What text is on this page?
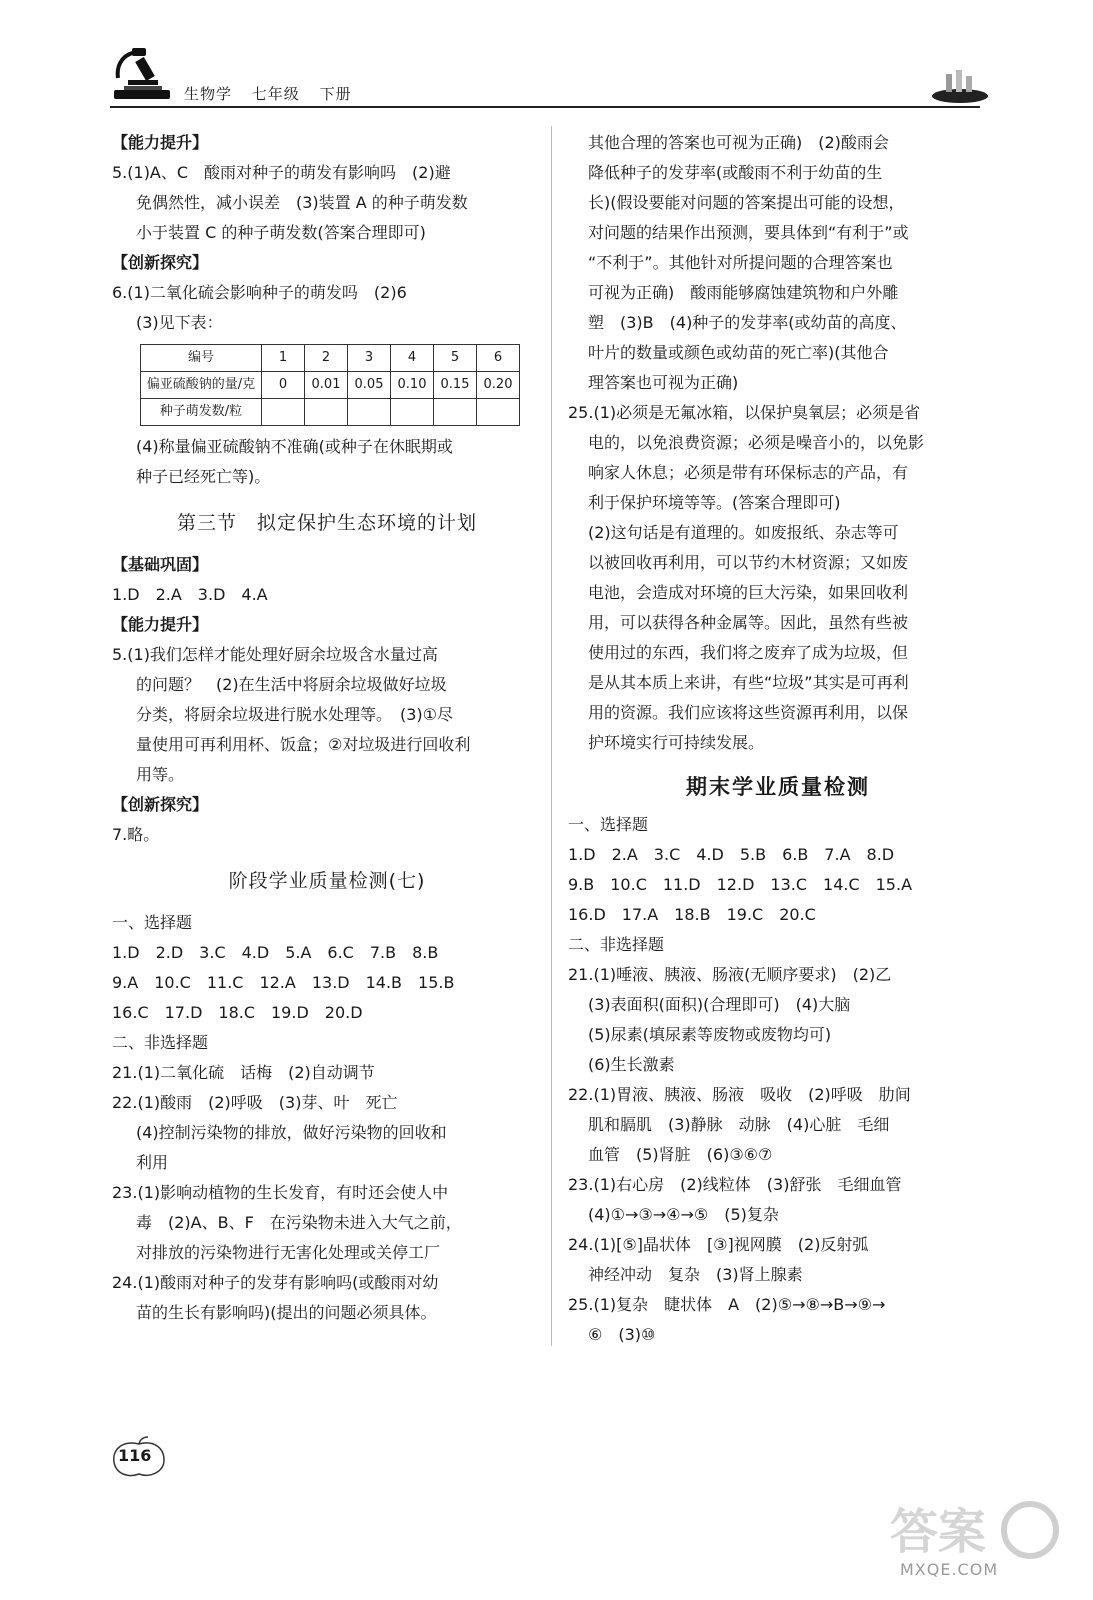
生物学 七年级 下册

【能力提升】

5.(1)A、C　酸雨对种子的萌发有影响吗　(2)避

免偶然性，减小误差　(3)装置 A 的种子萌发数

小于装置 C 的种子萌发数(答案合理即可)

【创新探究】

6.(1)二氧化硫会影响种子的萌发吗　(2)6

(3)见下表：

编号	1	2	3	4	5	6
偏亚硫酸钠的量/克	0	0.01	0.05	0.10	0.15	0.20
种子萌发数/粒						

(4)称量偏亚硫酸钠不准确(或种子在休眠期或

种子已经死亡等)。

第三节　拟定保护生态环境的计划

【基础巩固】

1.D　2.A　3.D　4.A

【能力提升】

5.(1)我们怎样才能处理好厨余垃圾含水量过高

的问题？　(2)在生活中将厨余垃圾做好垃圾

分类，将厨余垃圾进行脱水处理等。　(3)①尽

量使用可再利用杯、饭盒；②对垃圾进行回收利

用等。

【创新探究】

7.略。

阶段学业质量检测(七)

一、选择题

1.D　2.D　3.C　4.D　5.A　6.C　7.B　8.B

9.A　10.C　11.C　12.A　13.D　14.B　15.B

16.C　17.D　18.C　19.D　20.D

二、非选择题

21.(1)二氧化硫　话梅　(2)自动调节

22.(1)酸雨　(2)呼吸　(3)芽、叶　死亡

(4)控制污染物的排放，做好污染物的回收和

利用

23.(1)影响动植物的生长发育，有时还会使人中

毒　(2)A、B、F　在污染物未进入大气之前，

对排放的污染物进行无害化处理或关停工厂

24.(1)酸雨对种子的发芽有影响吗(或酸雨对幼

苗的生长有影响吗)(提出的问题必须具体。

其他合理的答案也可视为正确)　(2)酸雨会

降低种子的发芽率(或酸雨不利于幼苗的生

长)(假设要能对问题的答案提出可能的设想，

对问题的结果作出预测，要具体到“有利于”或

“不利于”。其他针对所提问题的合理答案也

可视为正确)　酸雨能够腐蚀建筑物和户外雕

塑　(3)B　(4)种子的发芽率(或幼苗的高度、

叶片的数量或颜色或幼苗的死亡率)(其他合

理答案也可视为正确)

25.(1)必须是无氟冰箱，以保护臭氧层；必须是省

电的，以免浪费资源；必须是噪音小的，以免影

响家人休息；必须是带有环保标志的产品，有

利于保护环境等等。(答案合理即可)

(2)这句话是有道理的。如废报纸、杂志等可

以被回收再利用，可以节约木材资源；又如废

电池，会造成对环境的巨大污染，如果回收利

用，可以获得各种金属等。因此，虽然有些被

使用过的东西，我们将之废弃了成为垃圾，但

是从其本质上来讲，有些“垃圾”其实是可再利

用的资源。我们应该将这些资源再利用，以保

护环境实行可持续发展。

期末学业质量检测

一、选择题

1.D　2.A　3.C　4.D　5.B　6.B　7.A　8.D

9.B　10.C　11.D　12.D　13.C　14.C　15.A

16.D　17.A　18.B　19.C　20.C

二、非选择题

21.(1)唾液、胰液、肠液(无顺序要求)　(2)乙

(3)表面积(面积)(合理即可)　(4)大脑

(5)尿素(填尿素等废物或废物均可)

(6)生长激素

22.(1)胃液、胰液、肠液　吸收　(2)呼吸　肋间

肌和膈肌　(3)静脉　动脉　(4)心脏　毛细

血管　(5)肾脏　(6)③⑥⑦

23.(1)右心房　(2)线粒体　(3)舒张　毛细血管

(4)①→③→④→⑤　(5)复杂

24.(1)[⑤]晶状体　[③]视网膜　(2)反射弧

神经冲动　复杂　(3)肾上腺素

25.(1)复杂　睫状体　A　(2)⑤→⑧→B→⑨→

⑥　(3)⑩

116
答案
MXQE.COM
